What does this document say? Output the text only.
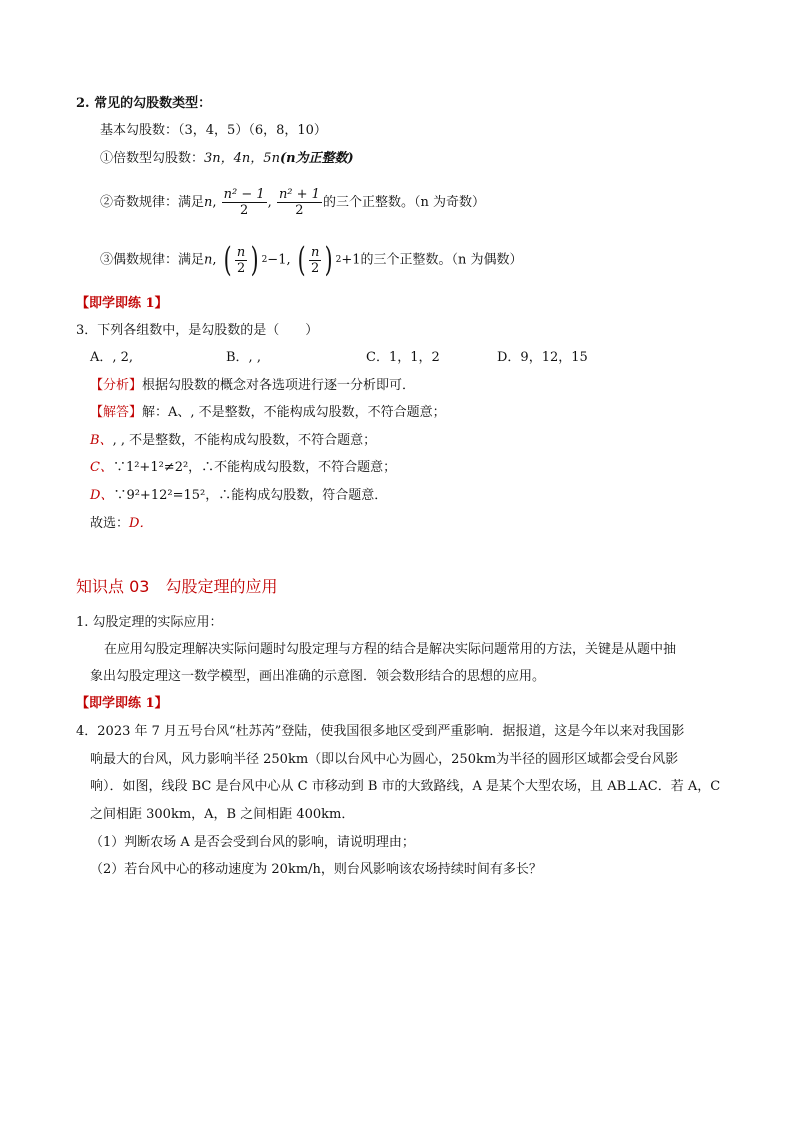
2. 常见的勾股数类型：
基本勾股数：（3，4，5）（6，8，10）
①倍数型勾股数：3n，4n，5n(n为正整数)
②奇数规律：满足n, $\frac{\text{n² − 1}}{2}$ , $\frac{\text{n² + 1}}{2}$ 的三个正整数。（n 为奇数）
③偶数规律：满足n, ( $\frac{n}{2}$ ) 2 −1, ( $\frac{n}{2}$ ) 2 +1的三个正整数。（n 为偶数）
【即学即练 1】
3．下列各组数中，是勾股数的是（　　）
A．, 2,	B．, ,	C．1，1，2	D．9，12，15
【分析】根据勾股数的概念对各选项进行逐一分析即可．
【解答】解：A、, 不是整数，不能构成勾股数，不符合题意；
B、, , 不是整数，不能构成勾股数，不符合题意；
C、∵1²+1²≠2²，∴不能构成勾股数，不符合题意；
D、∵9²+12²=15²，∴能构成勾股数，符合题意．
故选：D．
知识点 03　勾股定理的应用
1. 勾股定理的实际应用：
在应用勾股定理解决实际问题时勾股定理与方程的结合是解决实际问题常用的方法，关键是从题中抽
象出勾股定理这一数学模型，画出准确的示意图．领会数形结合的思想的应用。
【即学即练 1】
4．2023 年 7 月五号台风“杜苏芮”登陆，使我国很多地区受到严重影响．据报道，这是今年以来对我国影
响最大的台风，风力影响半径 250km（即以台风中心为圆心，250km为半径的圆形区域都会受台风影
响）．如图，线段 BC 是台风中心从 C 市移动到 B 市的大致路线，A 是某个大型农场，且 AB⊥AC．若 A，C
之间相距 300km，A，B 之间相距 400km．
（1）判断农场 A 是否会受到台风的影响，请说明理由；
（2）若台风中心的移动速度为 20km/h，则台风影响该农场持续时间有多长？
